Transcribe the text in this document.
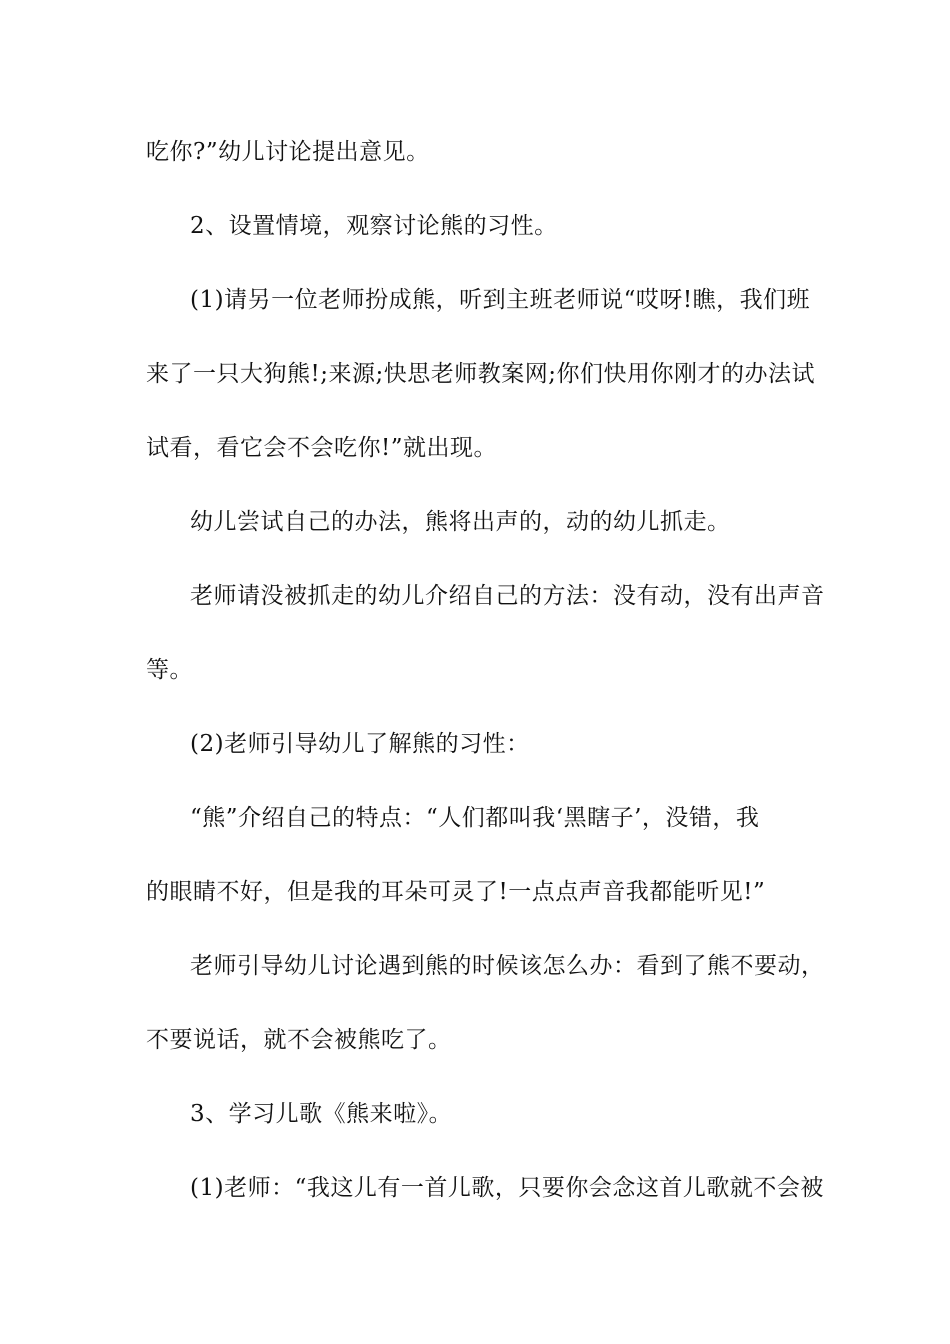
吃你?”幼儿讨论提出意见。
2、设置情境，观察讨论熊的习性。
(1)请另一位老师扮成熊，听到主班老师说“哎呀!瞧，我们班
来了一只大狗熊!;来源;快思老师教案网;你们快用你刚才的办法试
试看，看它会不会吃你!”就出现。
幼儿尝试自己的办法，熊将出声的，动的幼儿抓走。
老师请没被抓走的幼儿介绍自己的方法：没有动，没有出声音
等。
(2)老师引导幼儿了解熊的习性：
“熊”介绍自己的特点：“人们都叫我‘黑瞎子’，没错，我
的眼睛不好，但是我的耳朵可灵了!一点点声音我都能听见!”
老师引导幼儿讨论遇到熊的时候该怎么办：看到了熊不要动，
不要说话，就不会被熊吃了。
3、学习儿歌《熊来啦》。
(1)老师：“我这儿有一首儿歌，只要你会念这首儿歌就不会被
